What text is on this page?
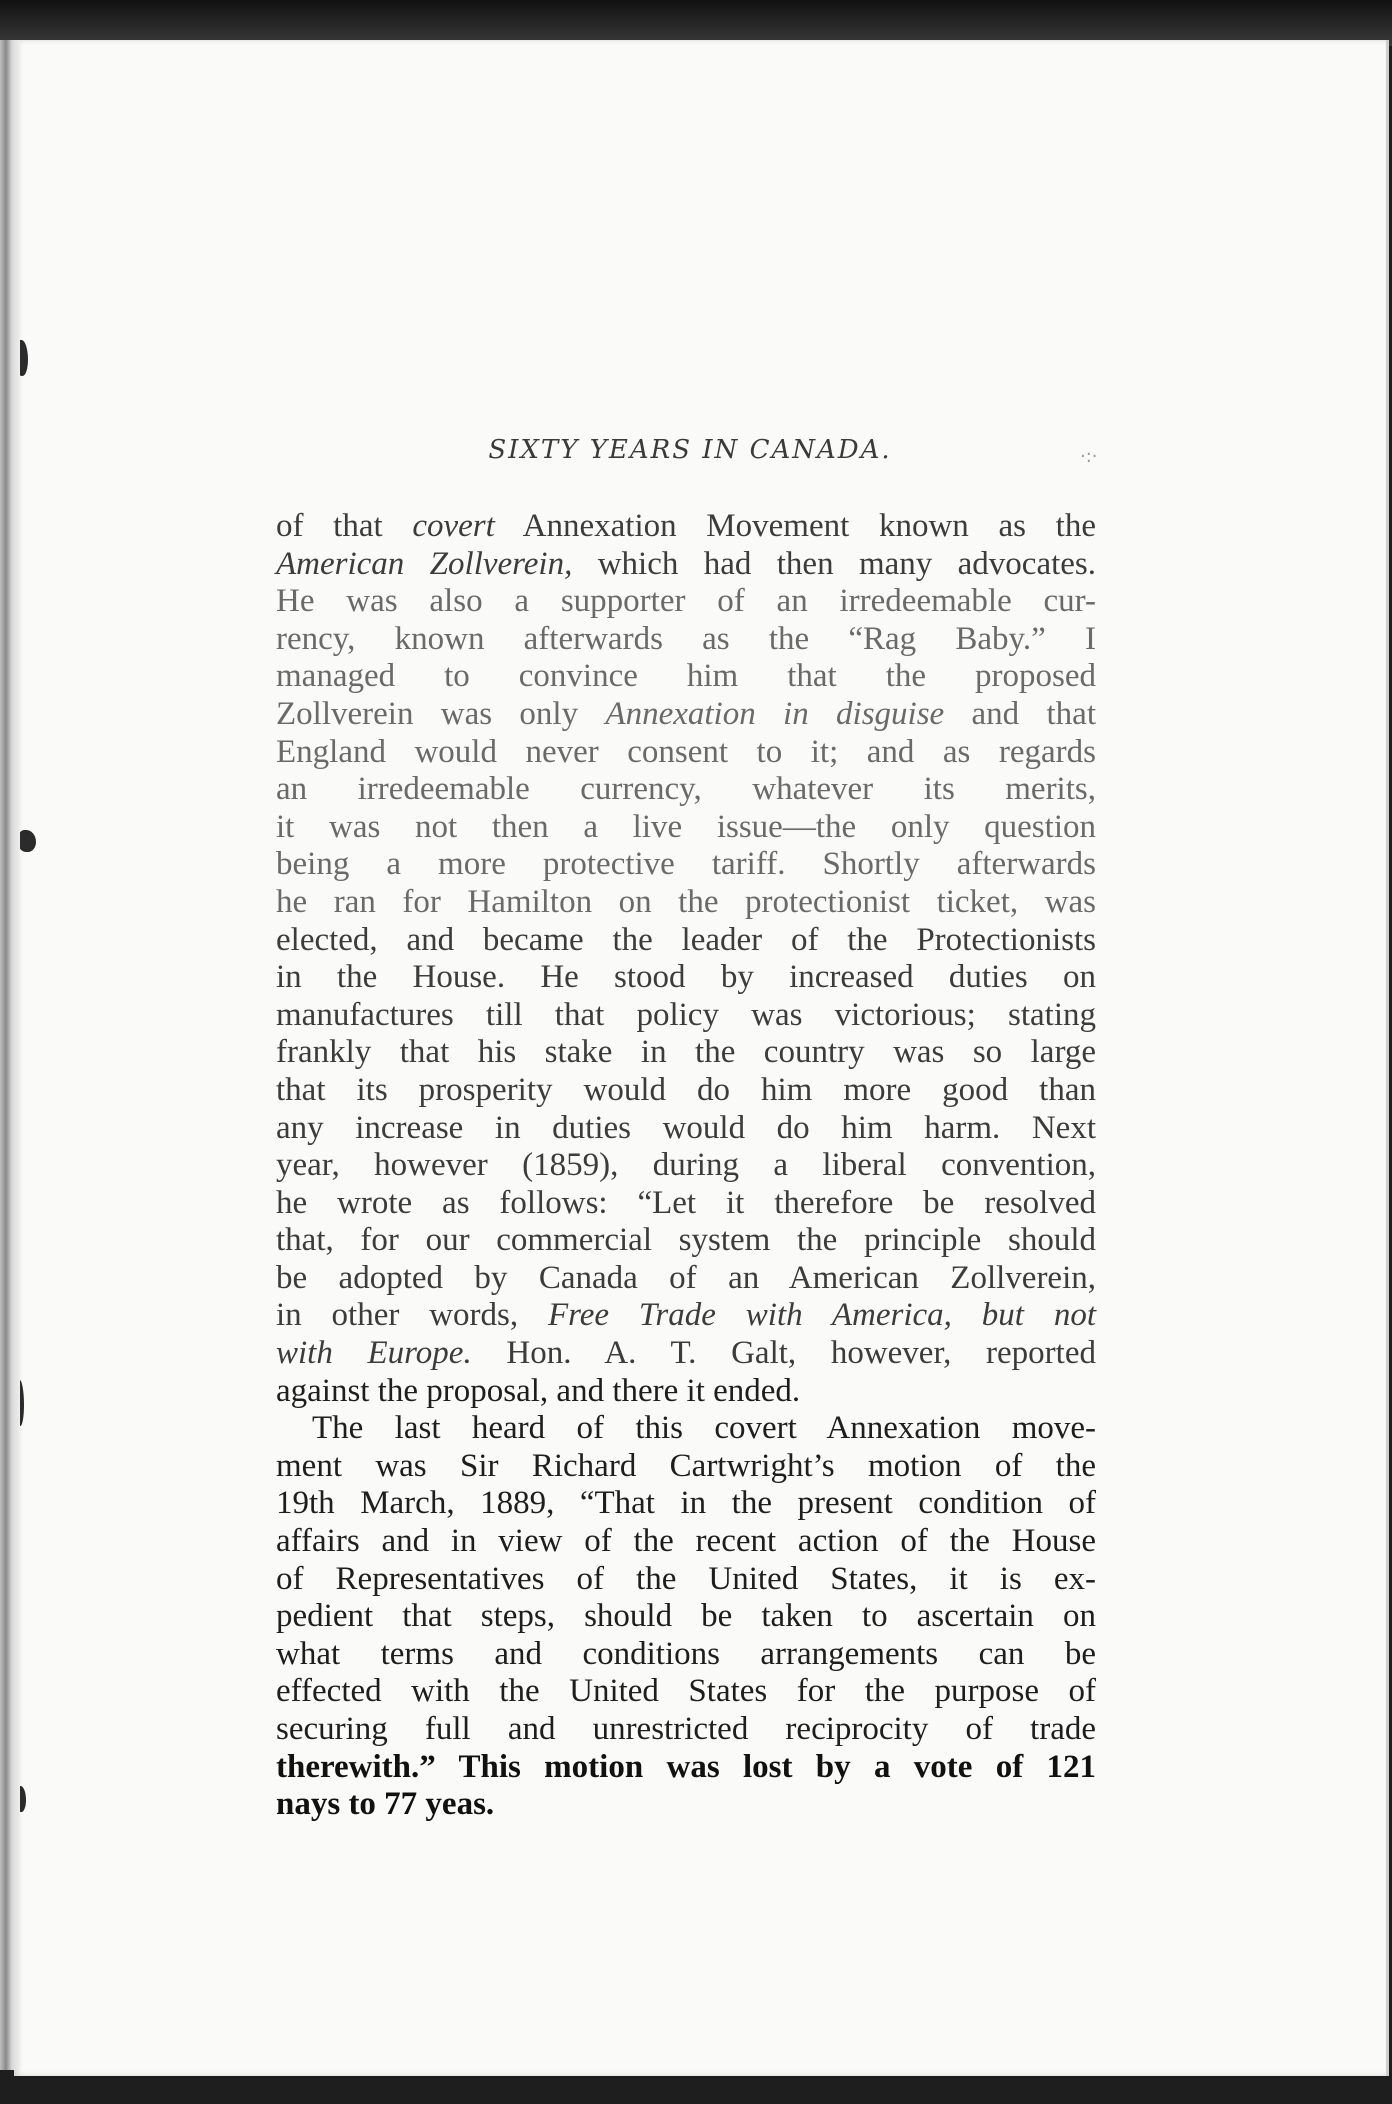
SIXTY YEARS IN CANADA.	·:·
of that covert Annexation Movement known as the
American Zollverein, which had then many advocates.
He was also a supporter of an irredeemable cur-
rency, known afterwards as the “Rag Baby.” I
managed to convince him that the proposed
Zollverein was only Annexation in disguise and that
England would never consent to it; and as regards
an irredeemable currency, whatever its merits,
it was not then a live issue—the only question
being a more protective tariff. Shortly afterwards
he ran for Hamilton on the protectionist ticket, was
elected, and became the leader of the Protectionists
in the House. He stood by increased duties on
manufactures till that policy was victorious; stating
frankly that his stake in the country was so large
that its prosperity would do him more good than
any increase in duties would do him harm. Next
year, however (1859), during a liberal convention,
he wrote as follows: “Let it therefore be resolved
that, for our commercial system the principle should
be adopted by Canada of an American Zollverein,
in other words, Free Trade with America, but not
with Europe. Hon. A. T. Galt, however, reported
against the proposal, and there it ended.
The last heard of this covert Annexation move-
ment was Sir Richard Cartwright’s motion of the
19th March, 1889, “That in the present condition of
affairs and in view of the recent action of the House
of Representatives of the United States, it is ex-
pedient that steps, should be taken to ascertain on
what terms and conditions arrangements can be
effected with the United States for the purpose of
securing full and unrestricted reciprocity of trade
therewith.” This motion was lost by a vote of 121
nays to 77 yeas.
